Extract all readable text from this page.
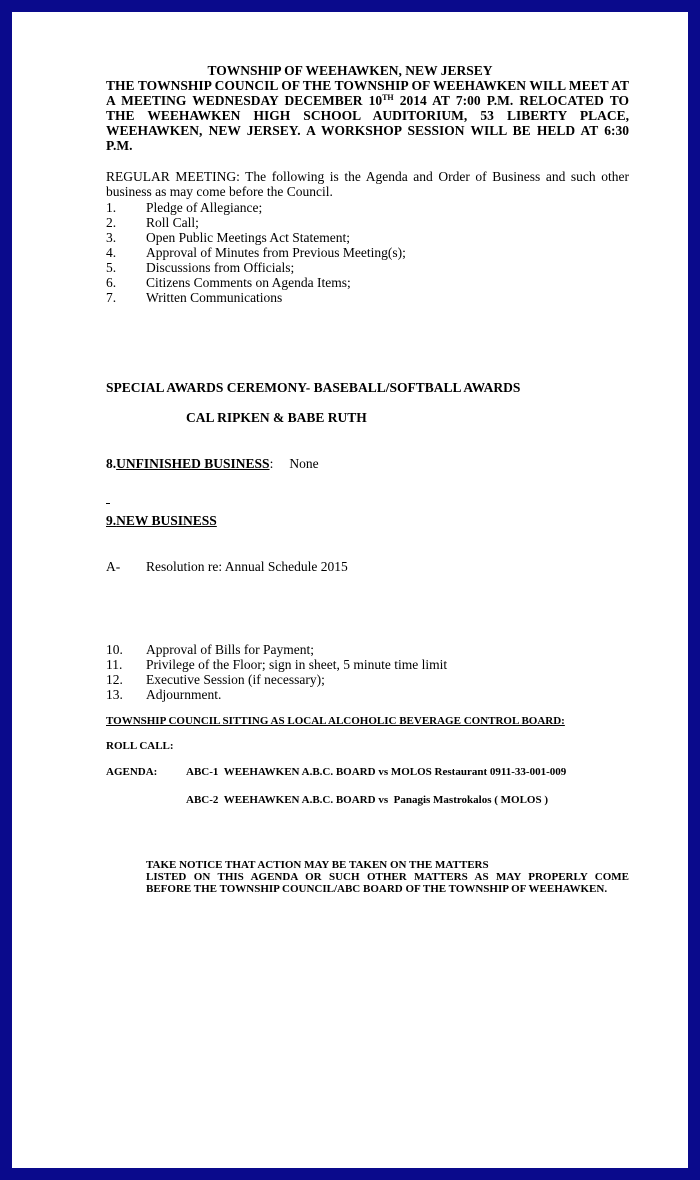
TOWNSHIP OF WEEHAWKEN, NEW JERSEY
THE TOWNSHIP COUNCIL OF THE TOWNSHIP OF WEEHAWKEN WILL MEET AT A MEETING WEDNESDAY DECEMBER 10TH 2014 AT 7:00 P.M. RELOCATED TO THE WEEHAWKEN HIGH SCHOOL AUDITORIUM, 53 LIBERTY PLACE, WEEHAWKEN, NEW JERSEY. A WORKSHOP SESSION WILL BE HELD AT 6:30 P.M.
REGULAR MEETING: The following is the Agenda and Order of Business and such other business as may come before the Council.
1. Pledge of Allegiance;
2. Roll Call;
3. Open Public Meetings Act Statement;
4. Approval of Minutes from Previous Meeting(s);
5. Discussions from Officials;
6. Citizens Comments on Agenda Items;
7. Written Communications
SPECIAL AWARDS CEREMONY- BASEBALL/SOFTBALL AWARDS
CAL RIPKEN & BABE RUTH
8.UNFINISHED BUSINESS: None
9.NEW BUSINESS
A- Resolution re: Annual Schedule 2015
10. Approval of Bills for Payment;
11. Privilege of the Floor; sign in sheet, 5 minute time limit
12. Executive Session (if necessary);
13. Adjournment.
TOWNSHIP COUNCIL SITTING AS LOCAL ALCOHOLIC BEVERAGE CONTROL BOARD:
ROLL CALL:
AGENDA:	ABC-1  WEEHAWKEN A.B.C. BOARD vs MOLOS Restaurant 0911-33-001-009
ABC-2  WEEHAWKEN A.B.C. BOARD vs  Panagis Mastrokalos ( MOLOS )
TAKE NOTICE THAT ACTION MAY BE TAKEN ON THE MATTERS
LISTED ON THIS AGENDA OR SUCH OTHER MATTERS AS MAY PROPERLY COME
BEFORE THE TOWNSHIP COUNCIL/ABC BOARD OF THE TOWNSHIP OF WEEHAWKEN.
